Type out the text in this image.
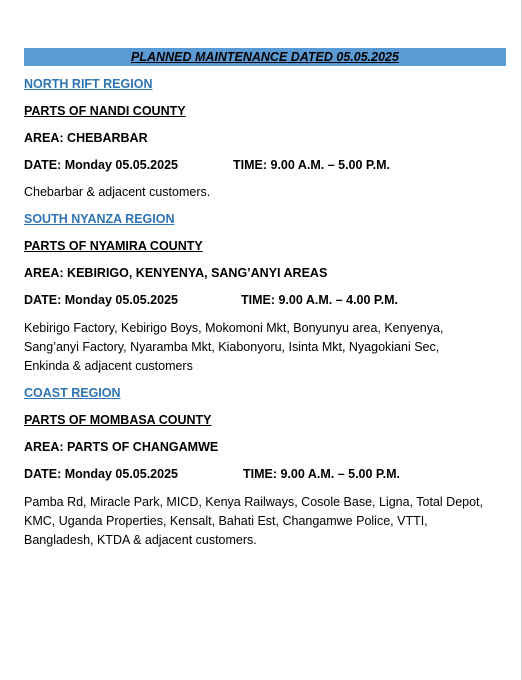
PLANNED MAINTENANCE DATED 05.05.2025
NORTH RIFT REGION
PARTS OF NANDI COUNTY
AREA: CHEBARBAR
DATE: Monday 05.05.2025	TIME: 9.00 A.M. – 5.00 P.M.
Chebarbar & adjacent customers.
SOUTH NYANZA REGION
PARTS OF NYAMIRA COUNTY
AREA: KEBIRIGO, KENYENYA, SANG’ANYI AREAS
DATE: Monday 05.05.2025	TIME: 9.00 A.M. – 4.00 P.M.
Kebirigo Factory, Kebirigo Boys, Mokomoni Mkt, Bonyunyu area, Kenyenya,
Sang’anyi Factory, Nyaramba Mkt, Kiabonyoru, Isinta Mkt, Nyagokiani Sec,
Enkinda & adjacent customers
COAST REGION
PARTS OF MOMBASA COUNTY
AREA: PARTS OF CHANGAMWE
DATE: Monday 05.05.2025	TIME: 9.00 A.M. – 5.00 P.M.
Pamba Rd, Miracle Park, MICD, Kenya Railways, Cosole Base, Ligna, Total Depot,
KMC, Uganda Properties, Kensalt, Bahati Est, Changamwe Police, VTTI,
Bangladesh, KTDA & adjacent customers.
